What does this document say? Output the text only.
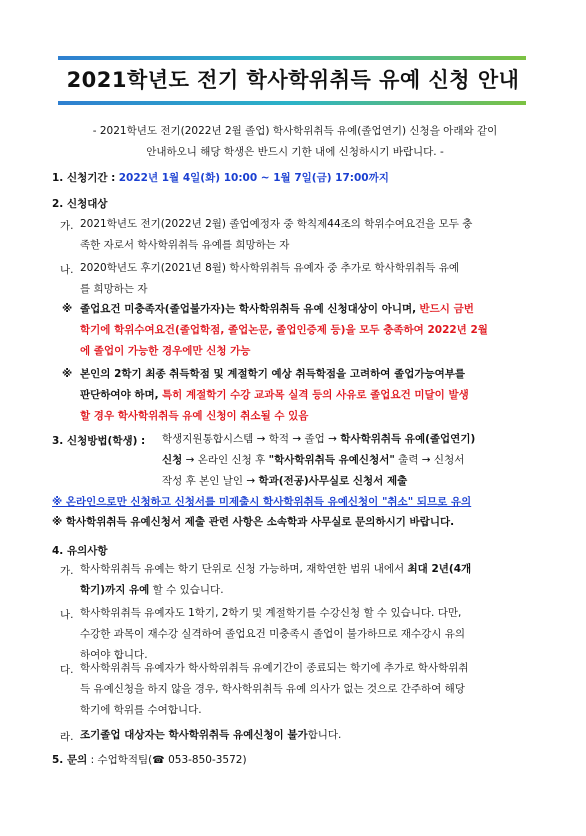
2021학년도 전기 학사학위취득 유예 신청 안내
- 2021학년도 전기(2022년 2월 졸업) 학사학위취득 유예(졸업연기) 신청을 아래와 같이
안내하오니 해당 학생은 반드시 기한 내에 신청하시기 바랍니다. -
1. 신청기간 : 2022년 1월 4일(화) 10:00 ~ 1월 7일(금) 17:00까지
2. 신청대상
가. 2021학년도 전기(2022년 2월) 졸업예정자 중 학칙제44조의 학위수여요건을 모두 충
족한 자로서 학사학위취득 유예를 희망하는 자
나. 2020학년도 후기(2021년 8월) 학사학위취득 유예자 중 추가로 학사학위취득 유예
를 희망하는 자
※ 졸업요건 미충족자(졸업불가자)는 학사학위취득 유예 신청대상이 아니며, 반드시 금번
학기에 학위수여요건(졸업학점, 졸업논문, 졸업인증제 등)을 모두 충족하여 2022년 2월
에 졸업이 가능한 경우에만 신청 가능
※ 본인의 2학기 최종 취득학점 및 계절학기 예상 취득학점을 고려하여 졸업가능여부를
판단하여야 하며, 특히 계절학기 수강 교과목 실격 등의 사유로 졸업요건 미달이 발생
할 경우 학사학위취득 유예 신청이 취소될 수 있음
3. 신청방법(학생) : 학생지원통합시스템 → 학적 → 졸업 → 학사학위취득 유예(졸업연기)
신청 → 온라인 신청 후 "학사학위취득 유예신청서" 출력 → 신청서
작성 후 본인 날인 → 학과(전공)사무실로 신청서 제출
※ 온라인으로만 신청하고 신청서를 미제출시 학사학위취득 유예신청이 "취소" 되므로 유의
※ 학사학위취득 유예신청서 제출 관련 사항은 소속학과 사무실로 문의하시기 바랍니다.
4. 유의사항
가. 학사학위취득 유예는 학기 단위로 신청 가능하며, 재학연한 범위 내에서 최대 2년(4개
학기)까지 유예 할 수 있습니다.
나. 학사학위취득 유예자도 1학기, 2학기 및 계절학기를 수강신청 할 수 있습니다. 다만,
수강한 과목이 재수강 실격하여 졸업요건 미충족시 졸업이 불가하므로 재수강시 유의
하여야 합니다.
다. 학사학위취득 유예자가 학사학위취득 유예기간이 종료되는 학기에 추가로 학사학위취
득 유예신청을 하지 않을 경우, 학사학위취득 유예 의사가 없는 것으로 간주하여 해당
학기에 학위를 수여합니다.
라. 조기졸업 대상자는 학사학위취득 유예신청이 불가합니다.
5. 문의 : 수업학적팀(☎ 053-850-3572)
